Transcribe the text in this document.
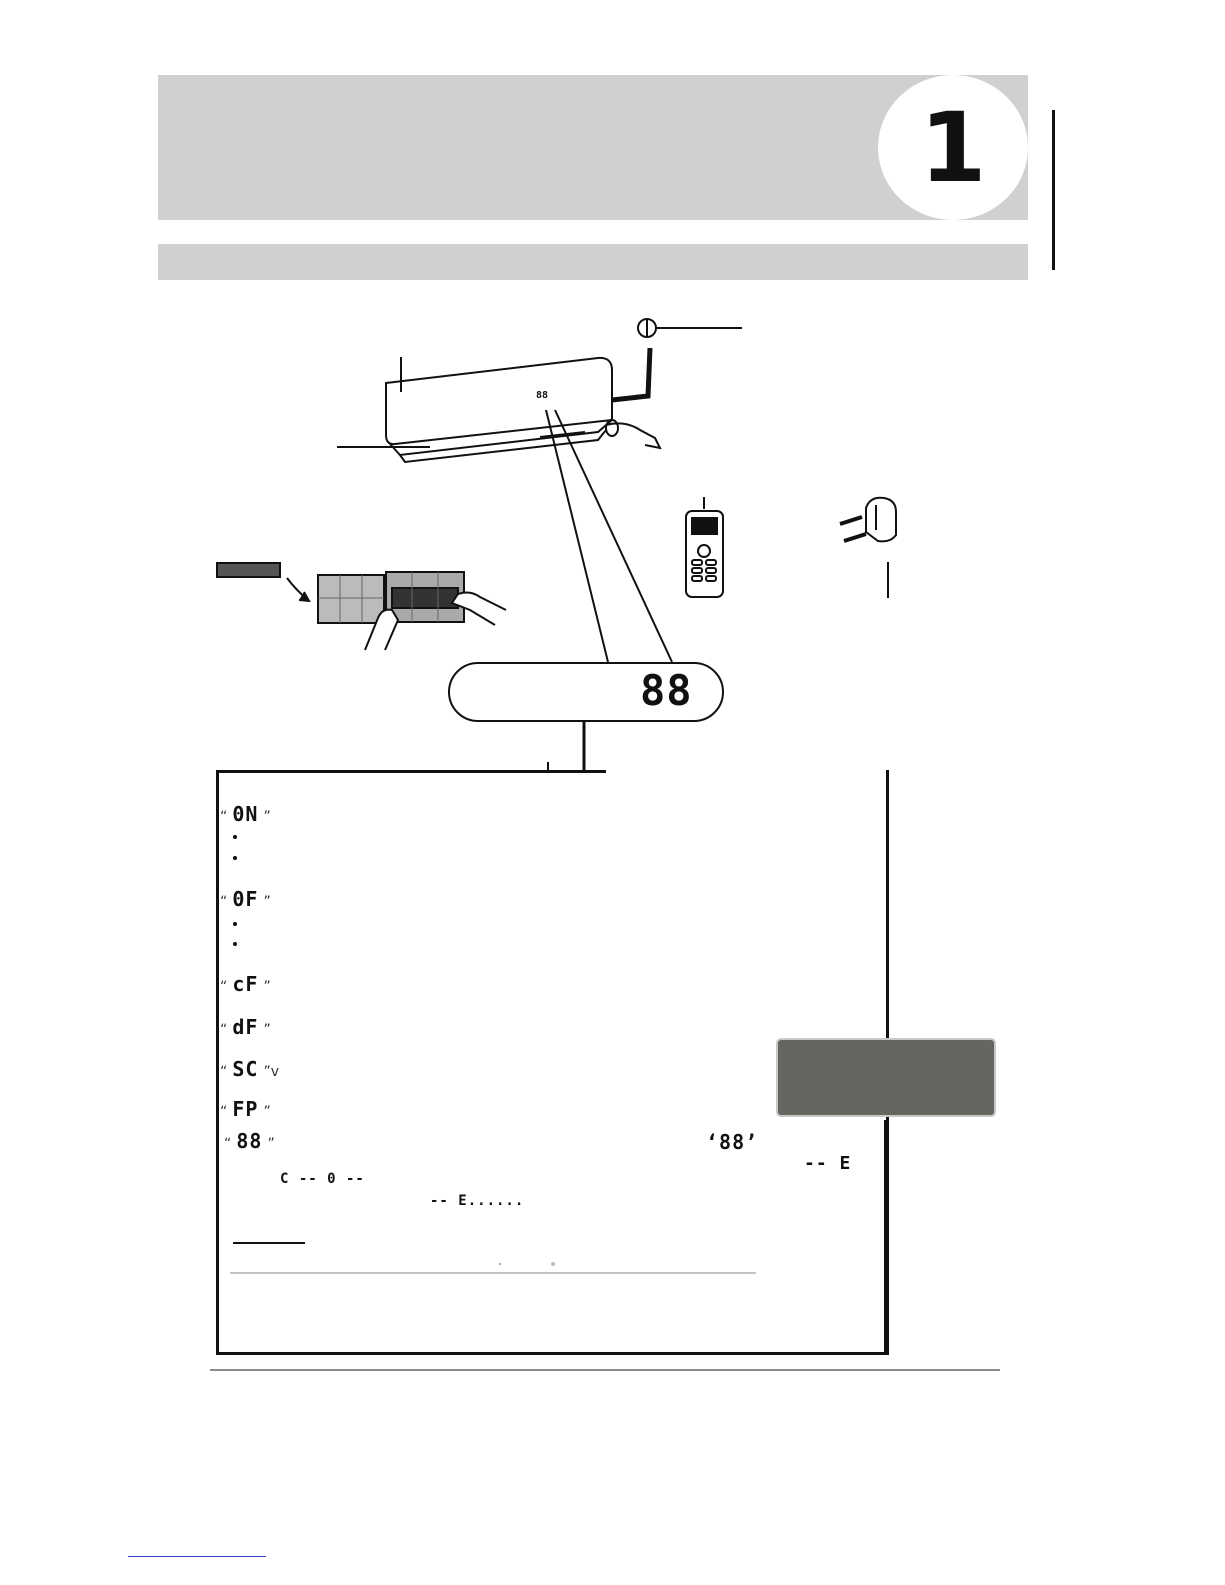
1
88
88
“ 0N ”
“ 0F ”
“ cF ”
“ dF ”
“ SC ”v
“ FP ”
“ 88 ”	‘88’
-- E
C -- 0 --
-- E......
